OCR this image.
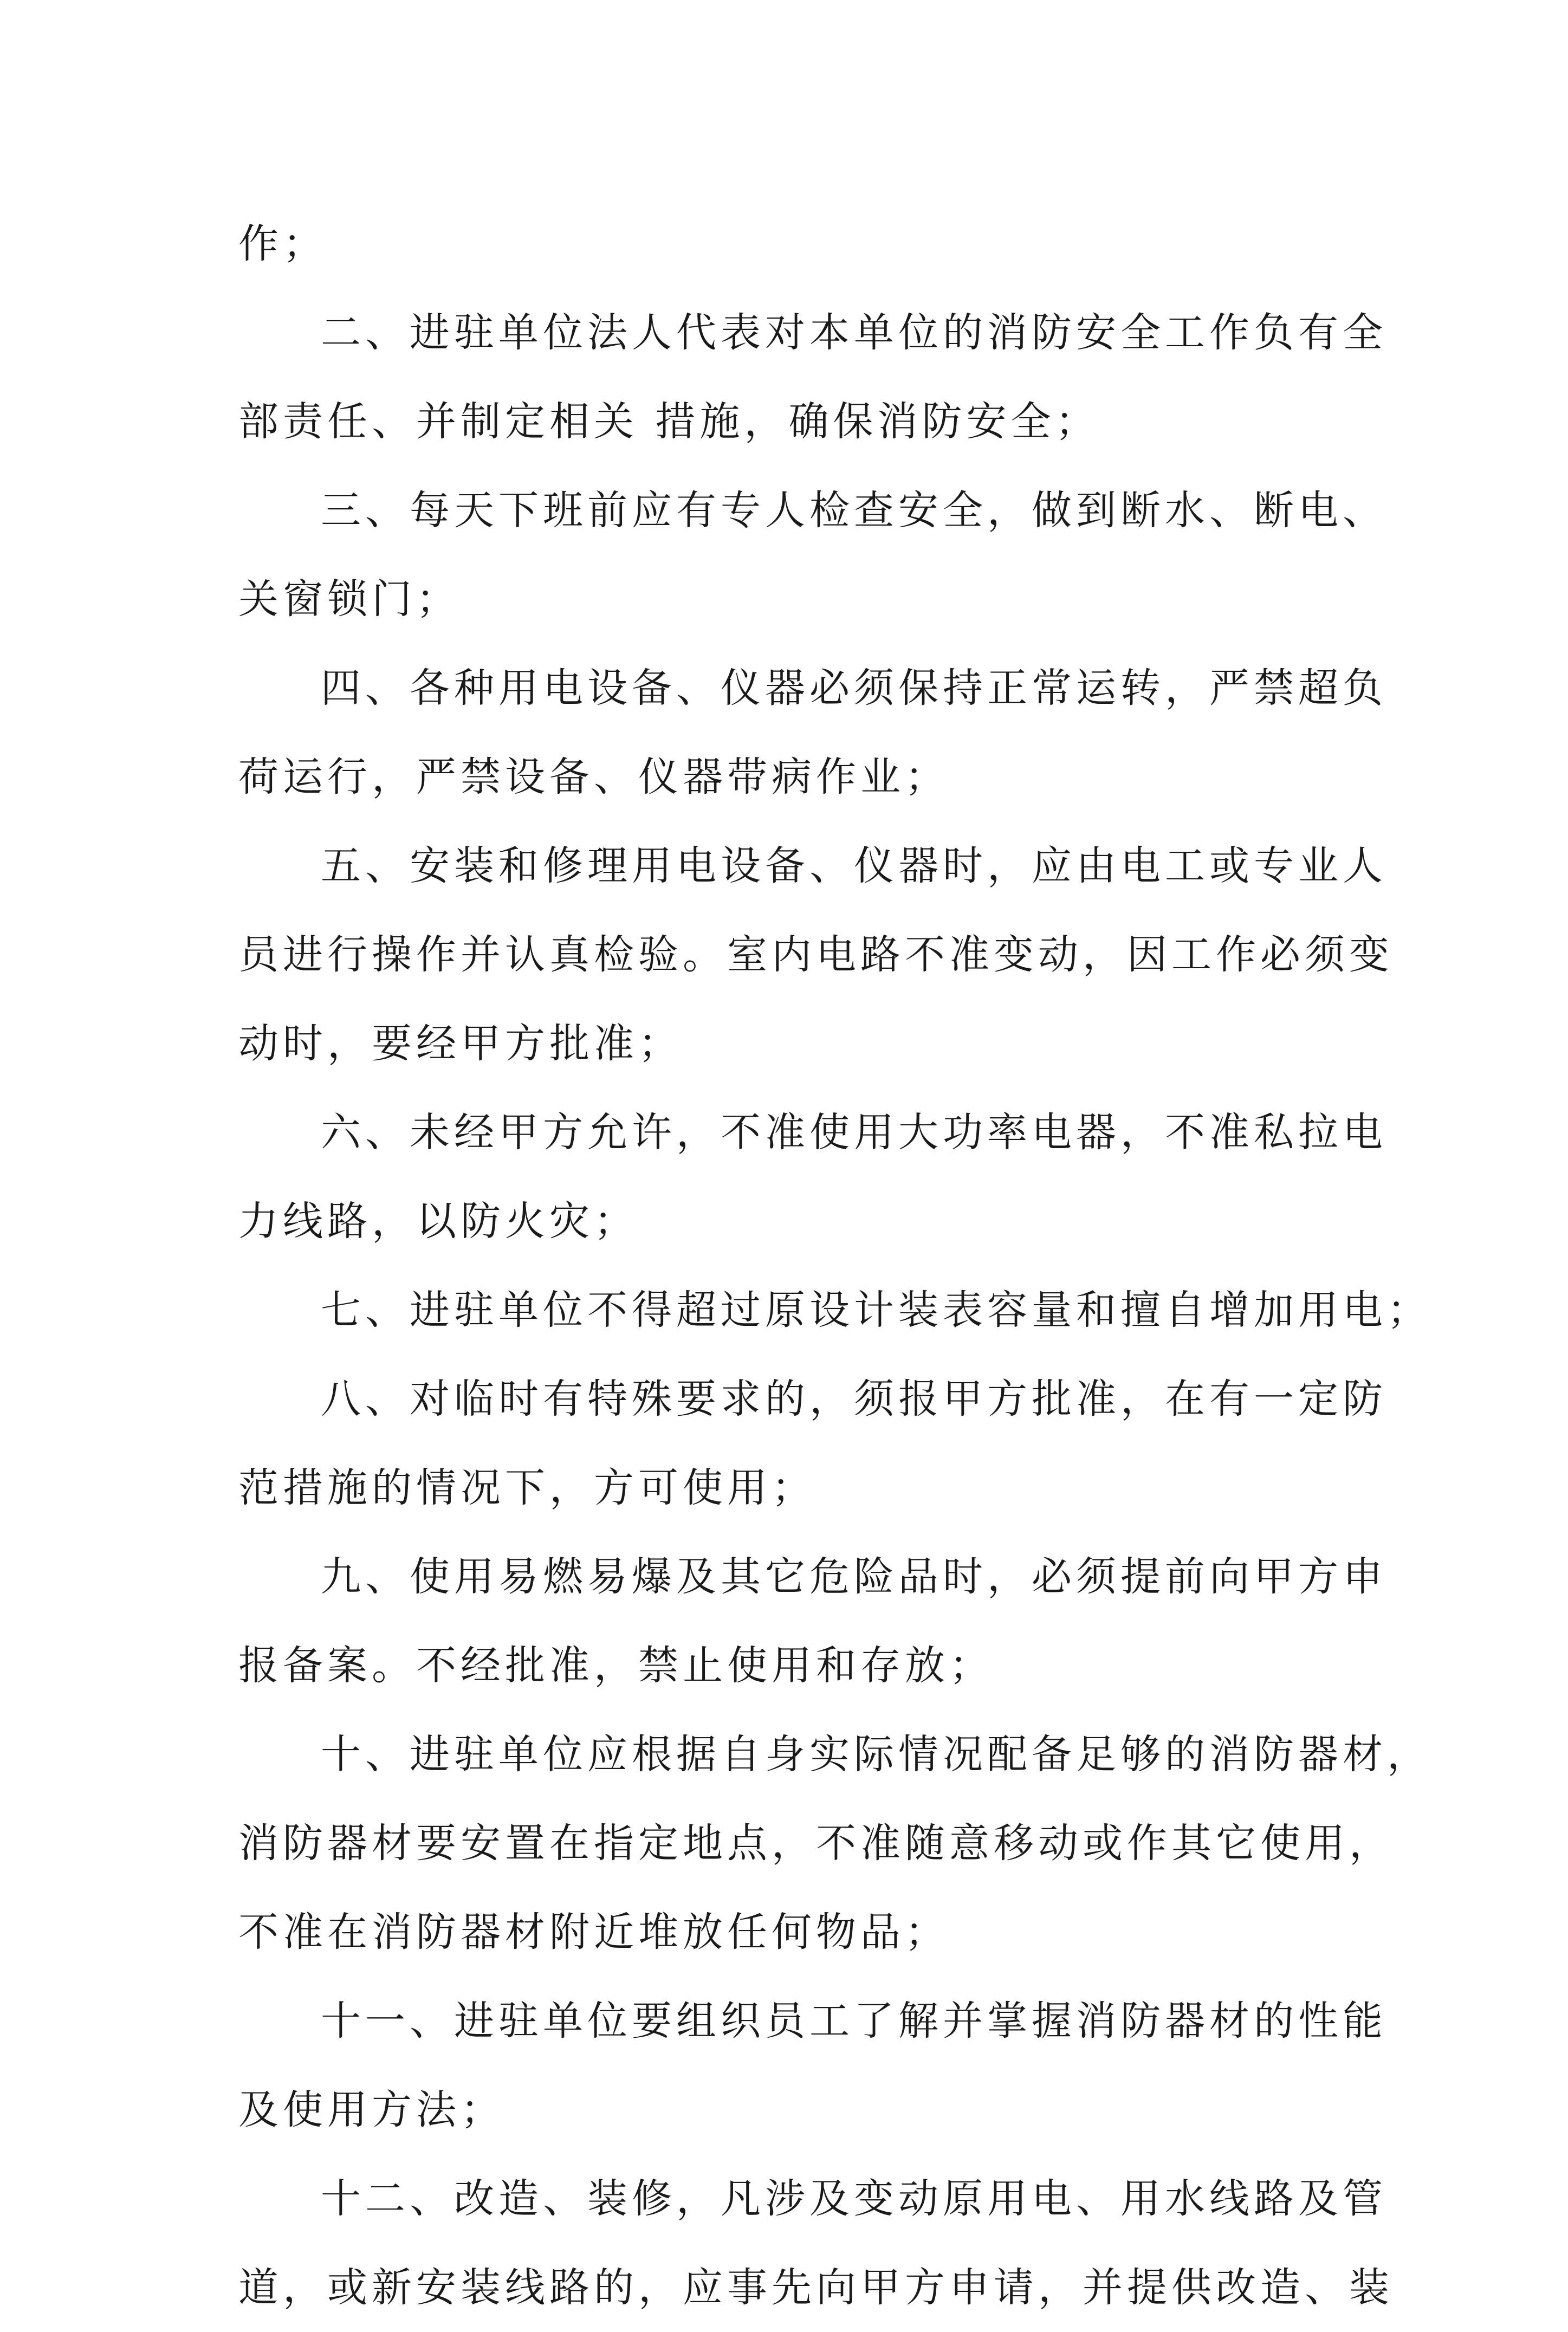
作；
二、进驻单位法人代表对本单位的消防安全工作负有全
部责任、并制定相关 措施，确保消防安全；
三、每天下班前应有专人检查安全，做到断水、断电、
关窗锁门；
四、各种用电设备、仪器必须保持正常运转，严禁超负
荷运行，严禁设备、仪器带病作业；
五、安装和修理用电设备、仪器时，应由电工或专业人
员进行操作并认真检验。室内电路不准变动，因工作必须变
动时，要经甲方批准；
六、未经甲方允许，不准使用大功率电器，不准私拉电
力线路，以防火灾；
七、进驻单位不得超过原设计装表容量和擅自增加用电；
八、对临时有特殊要求的，须报甲方批准，在有一定防
范措施的情况下，方可使用；
九、使用易燃易爆及其它危险品时，必须提前向甲方申
报备案。不经批准，禁止使用和存放；
十、进驻单位应根据自身实际情况配备足够的消防器材，
消防器材要安置在指定地点，不准随意移动或作其它使用，
不准在消防器材附近堆放任何物品；
十一、进驻单位要组织员工了解并掌握消防器材的性能
及使用方法；
十二、改造、装修，凡涉及变动原用电、用水线路及管
道，或新安装线路的，应事先向甲方申请，并提供改造、装
